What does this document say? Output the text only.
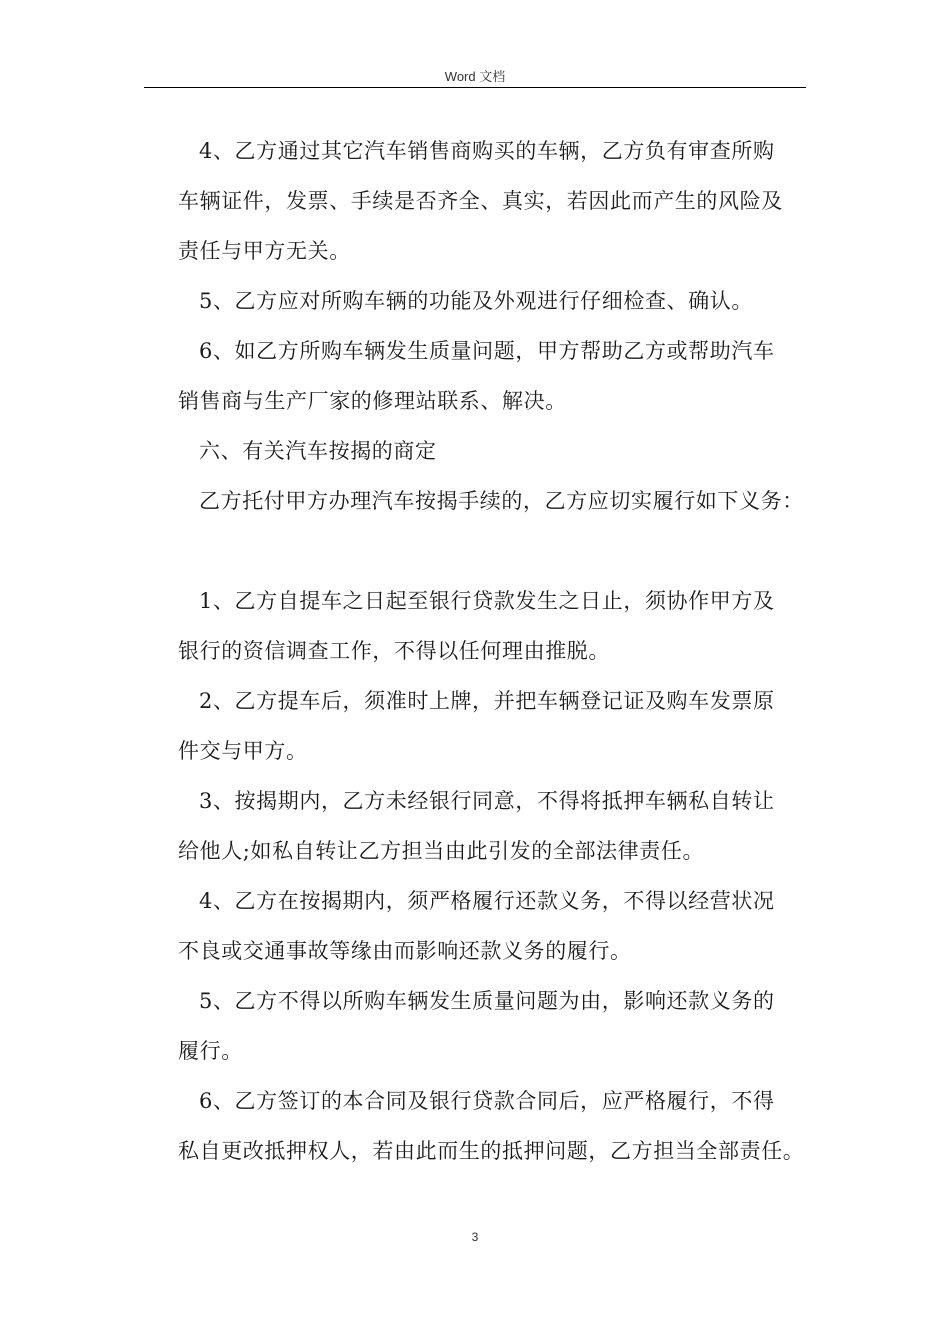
Word 文档
4、乙方通过其它汽车销售商购买的车辆，乙方负有审查所购
车辆证件，发票、手续是否齐全、真实，若因此而产生的风险及
责任与甲方无关。
5、乙方应对所购车辆的功能及外观进行仔细检查、确认。
6、如乙方所购车辆发生质量问题，甲方帮助乙方或帮助汽车
销售商与生产厂家的修理站联系、解决。
六、有关汽车按揭的商定
乙方托付甲方办理汽车按揭手续的，乙方应切实履行如下义务：
1、乙方自提车之日起至银行贷款发生之日止，须协作甲方及
银行的资信调查工作，不得以任何理由推脱。
2、乙方提车后，须准时上牌，并把车辆登记证及购车发票原
件交与甲方。
3、按揭期内，乙方未经银行同意，不得将抵押车辆私自转让
给他人;如私自转让乙方担当由此引发的全部法律责任。
4、乙方在按揭期内，须严格履行还款义务，不得以经营状况
不良或交通事故等缘由而影响还款义务的履行。
5、乙方不得以所购车辆发生质量问题为由，影响还款义务的
履行。
6、乙方签订的本合同及银行贷款合同后，应严格履行，不得
私自更改抵押权人，若由此而生的抵押问题，乙方担当全部责任。
3
